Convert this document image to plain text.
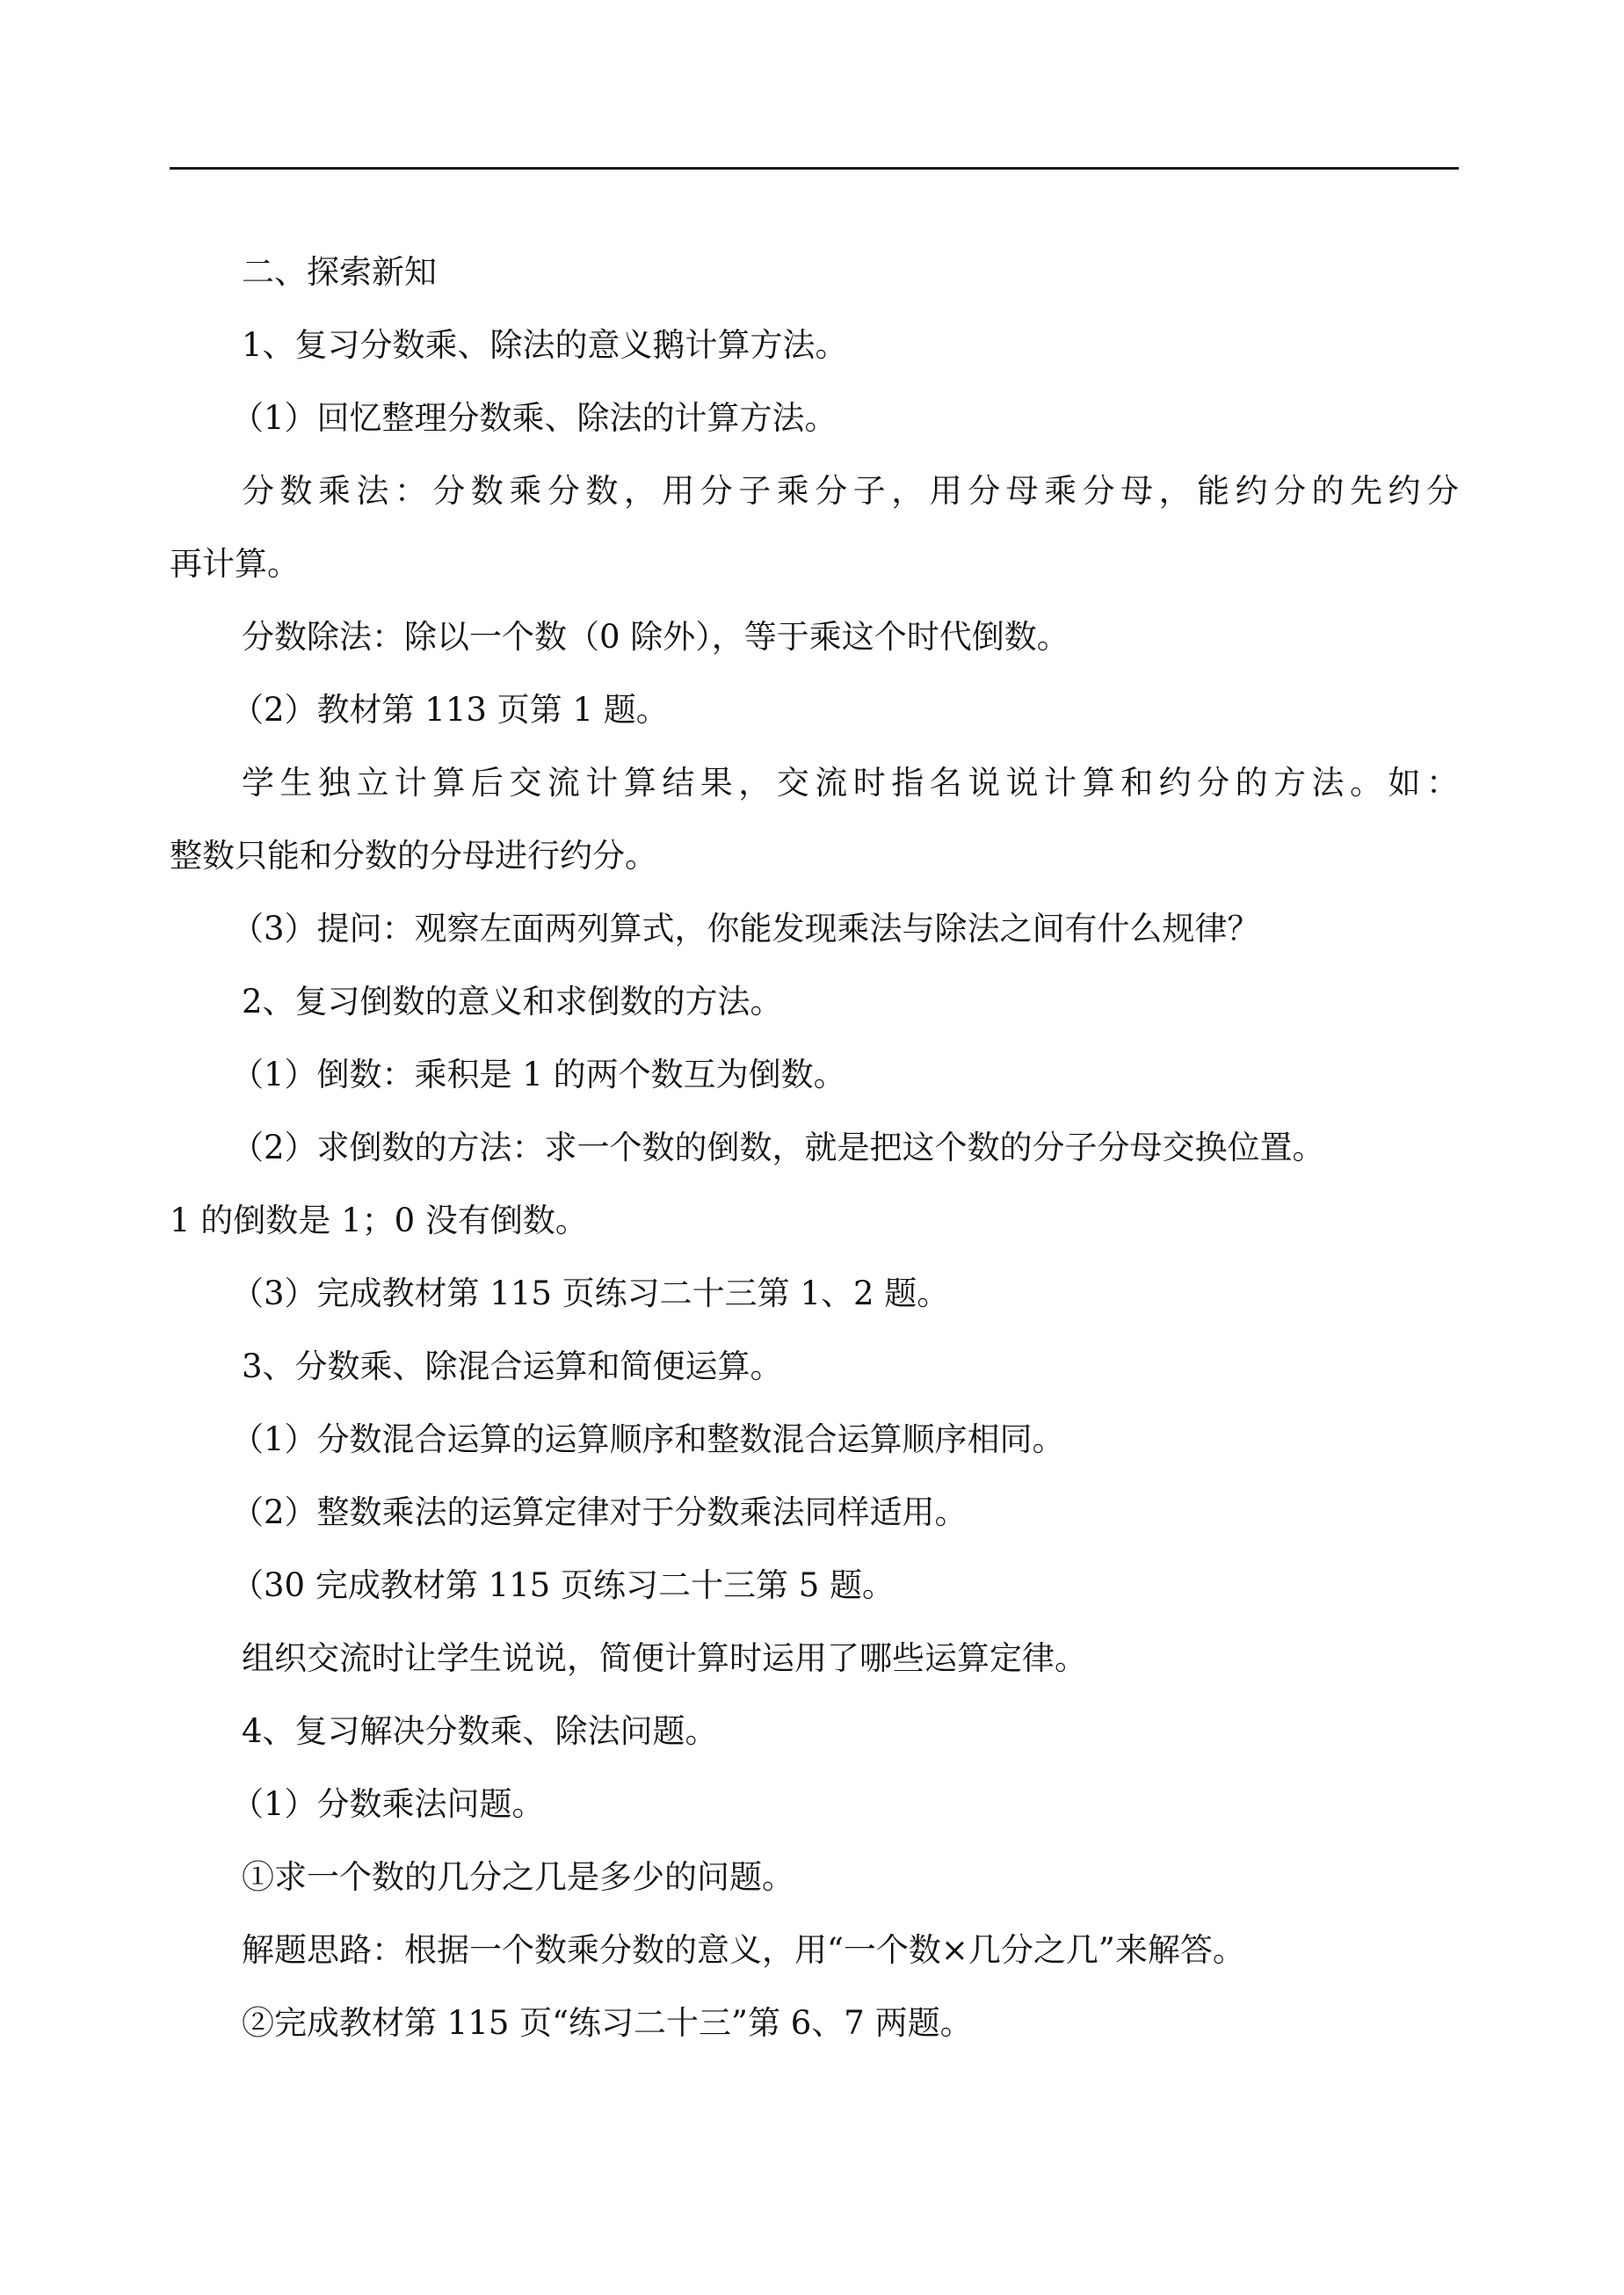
二、探索新知

1、复习分数乘、除法的意义鹅计算方法。

（1）回忆整理分数乘、除法的计算方法。

分数乘法：分数乘分数，用分子乘分子，用分母乘分母，能约分的先约分

再计算。

分数除法：除以一个数（0 除外），等于乘这个时代倒数。

（2）教材第 113 页第 1 题。

学生独立计算后交流计算结果，交流时指名说说计算和约分的方法。如：

整数只能和分数的分母进行约分。

（3）提问：观察左面两列算式，你能发现乘法与除法之间有什么规律？

2、复习倒数的意义和求倒数的方法。

（1）倒数：乘积是 1 的两个数互为倒数。

（2）求倒数的方法：求一个数的倒数，就是把这个数的分子分母交换位置。

1 的倒数是 1；0 没有倒数。

（3）完成教材第 115 页练习二十三第 1、2 题。

3、分数乘、除混合运算和简便运算。

（1）分数混合运算的运算顺序和整数混合运算顺序相同。

（2）整数乘法的运算定律对于分数乘法同样适用。

（30 完成教材第 115 页练习二十三第 5 题。

组织交流时让学生说说，简便计算时运用了哪些运算定律。

4、复习解决分数乘、除法问题。

（1）分数乘法问题。

①求一个数的几分之几是多少的问题。

解题思路：根据一个数乘分数的意义，用“一个数×几分之几”来解答。

②完成教材第 115 页“练习二十三”第 6、7 两题。
